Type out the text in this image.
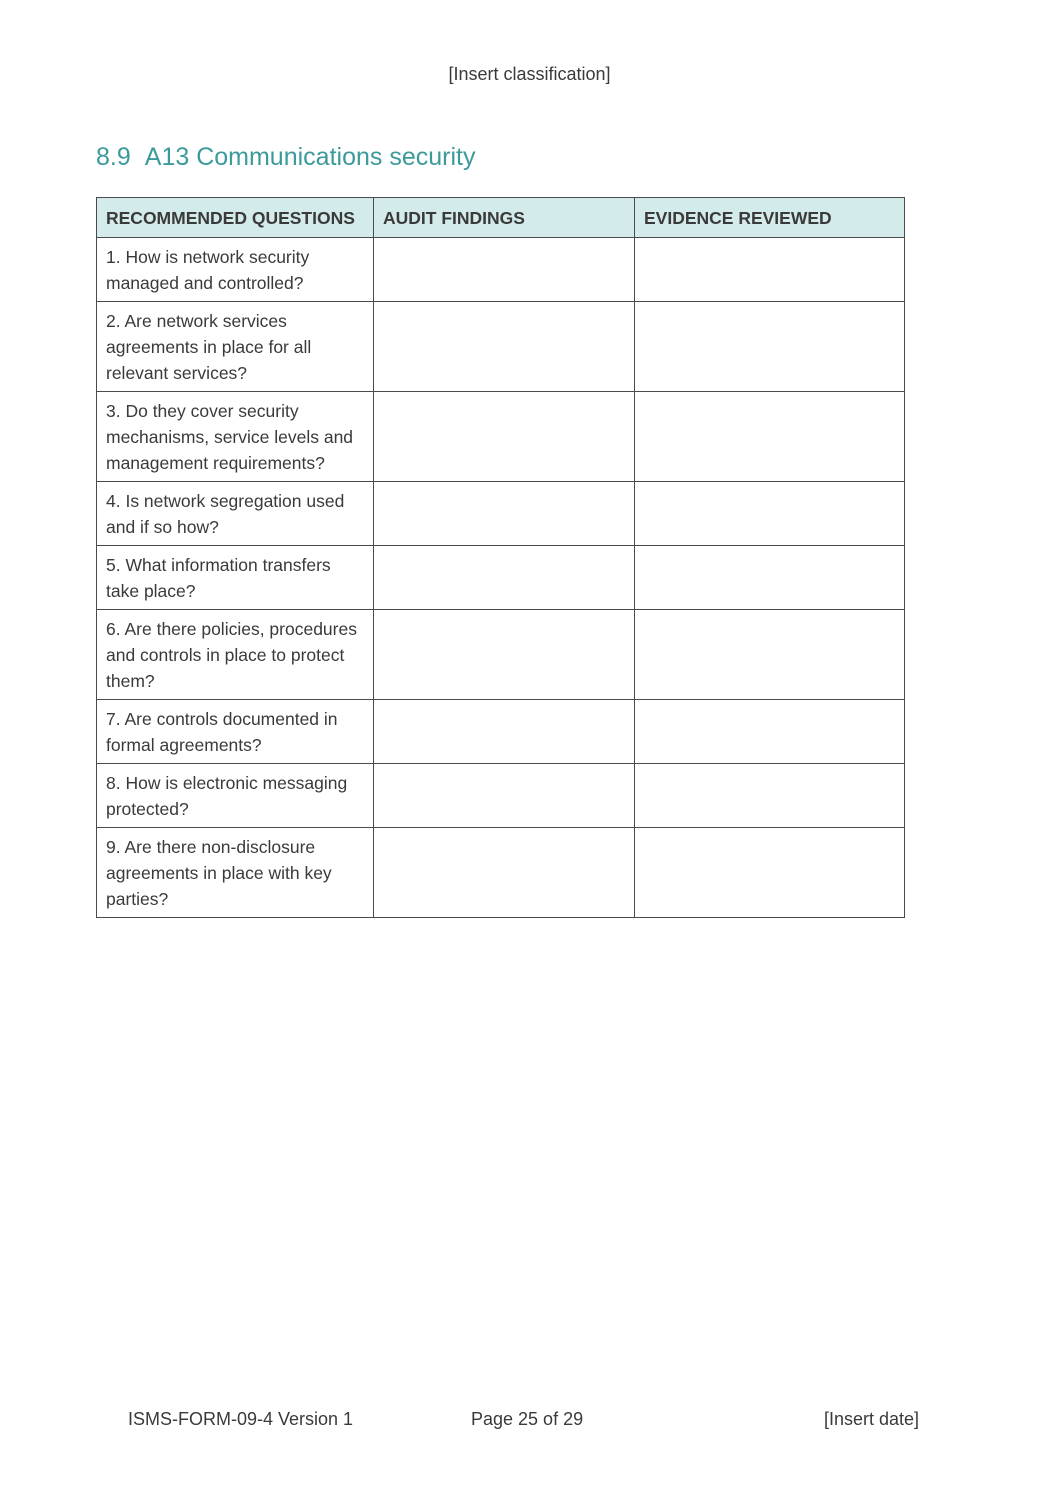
[Insert classification]
8.9 A13 Communications security
RECOMMENDED QUESTIONS	AUDIT FINDINGS	EVIDENCE REVIEWED
1. How is network security managed and controlled?		
2. Are network services agreements in place for all relevant services?		
3. Do they cover security mechanisms, service levels and management requirements?		
4. Is network segregation used and if so how?		
5. What information transfers take place?		
6. Are there policies, procedures and controls in place to protect them?		
7. Are controls documented in formal agreements?		
8. How is electronic messaging protected?		
9. Are there non-disclosure agreements in place with key parties?		
ISMS-FORM-09-4 Version 1	Page 25 of 29	[Insert date]
